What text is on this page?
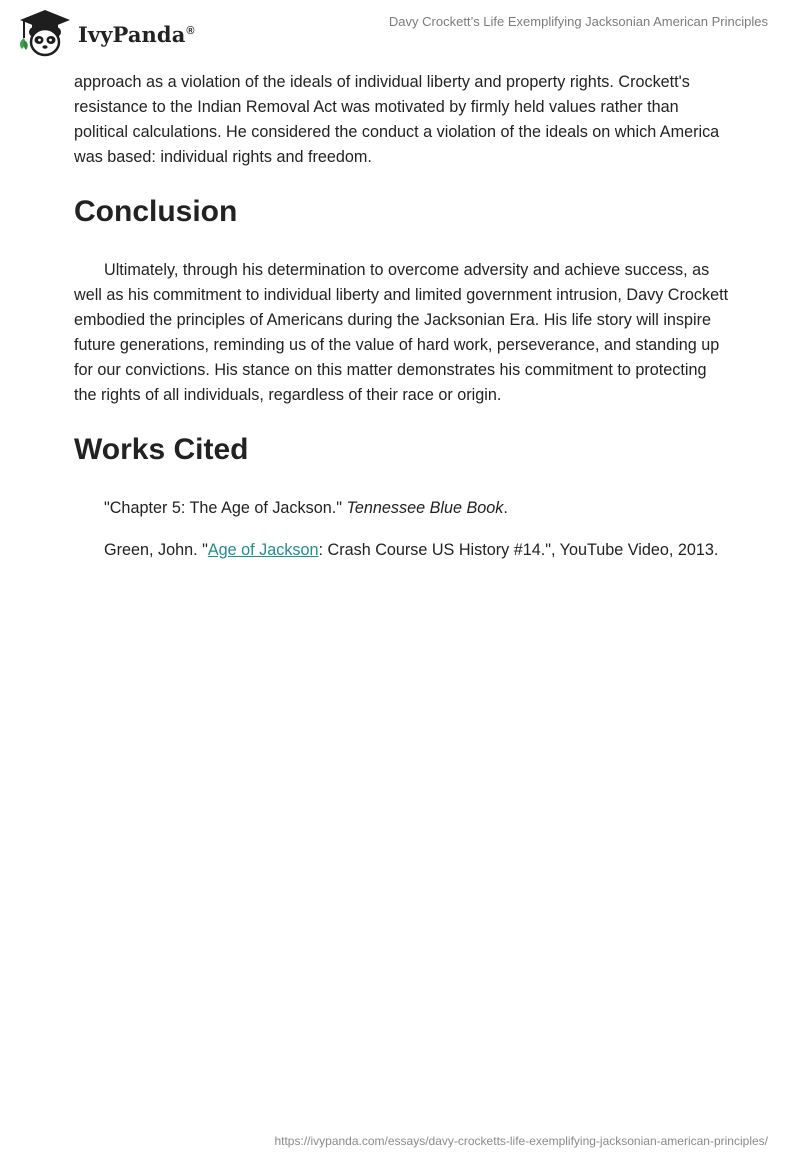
IvyPanda®
Davy Crockett’s Life Exemplifying Jacksonian American Principles

approach as a violation of the ideals of individual liberty and property rights. Crockett's resistance to the Indian Removal Act was motivated by firmly held values rather than political calculations. He considered the conduct a violation of the ideals on which America was based: individual rights and freedom.

Conclusion

Ultimately, through his determination to overcome adversity and achieve success, as well as his commitment to individual liberty and limited government intrusion, Davy Crockett embodied the principles of Americans during the Jacksonian Era. His life story will inspire future generations, reminding us of the value of hard work, perseverance, and standing up for our convictions. His stance on this matter demonstrates his commitment to protecting the rights of all individuals, regardless of their race or origin.

Works Cited

"Chapter 5: The Age of Jackson." Tennessee Blue Book.

Green, John. "Age of Jackson: Crash Course US History #14.", YouTube Video, 2013.

https://ivypanda.com/essays/davy-crocketts-life-exemplifying-jacksonian-american-principles/
